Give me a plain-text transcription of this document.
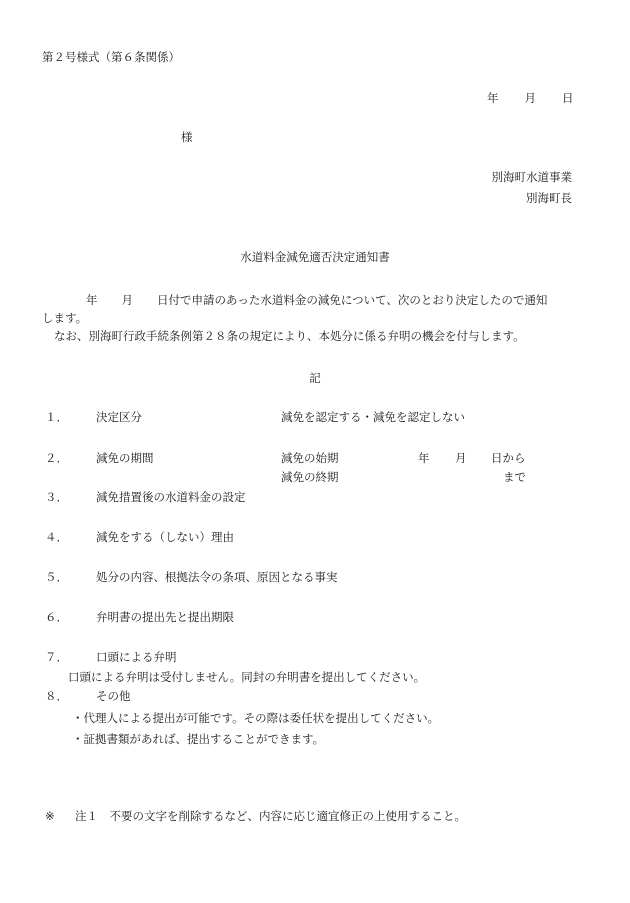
第２号様式（第６条関係）
年 月 日
様
別海町水道事業
別海町長
水道料金減免適否決定通知書
年 月 日付で申請のあった水道料金の減免について、次のとおり決定したので通知
します。
なお、別海町行政手続条例第２８条の規定により、本処分に係る弁明の機会を付与します。
記
１． 決定区分	減免を認定する・減免を認定しない
２． 減免の期間	減免の始期	年 月 日から
減免の終期	まで
３． 減免措置後の水道料金の設定
４． 減免をする（しない）理由
５． 処分の内容、根拠法令の条項、原因となる事実
６． 弁明書の提出先と提出期限
７． 口頭による弁明
口頭による弁明は受付しません。同封の弁明書を提出してください。
８． その他
・代理人による提出が可能です。その際は委任状を提出してください。
・証拠書類があれば、提出することができます。
※ 注１　不要の文字を削除するなど、内容に応じ適宜修正の上使用すること。
